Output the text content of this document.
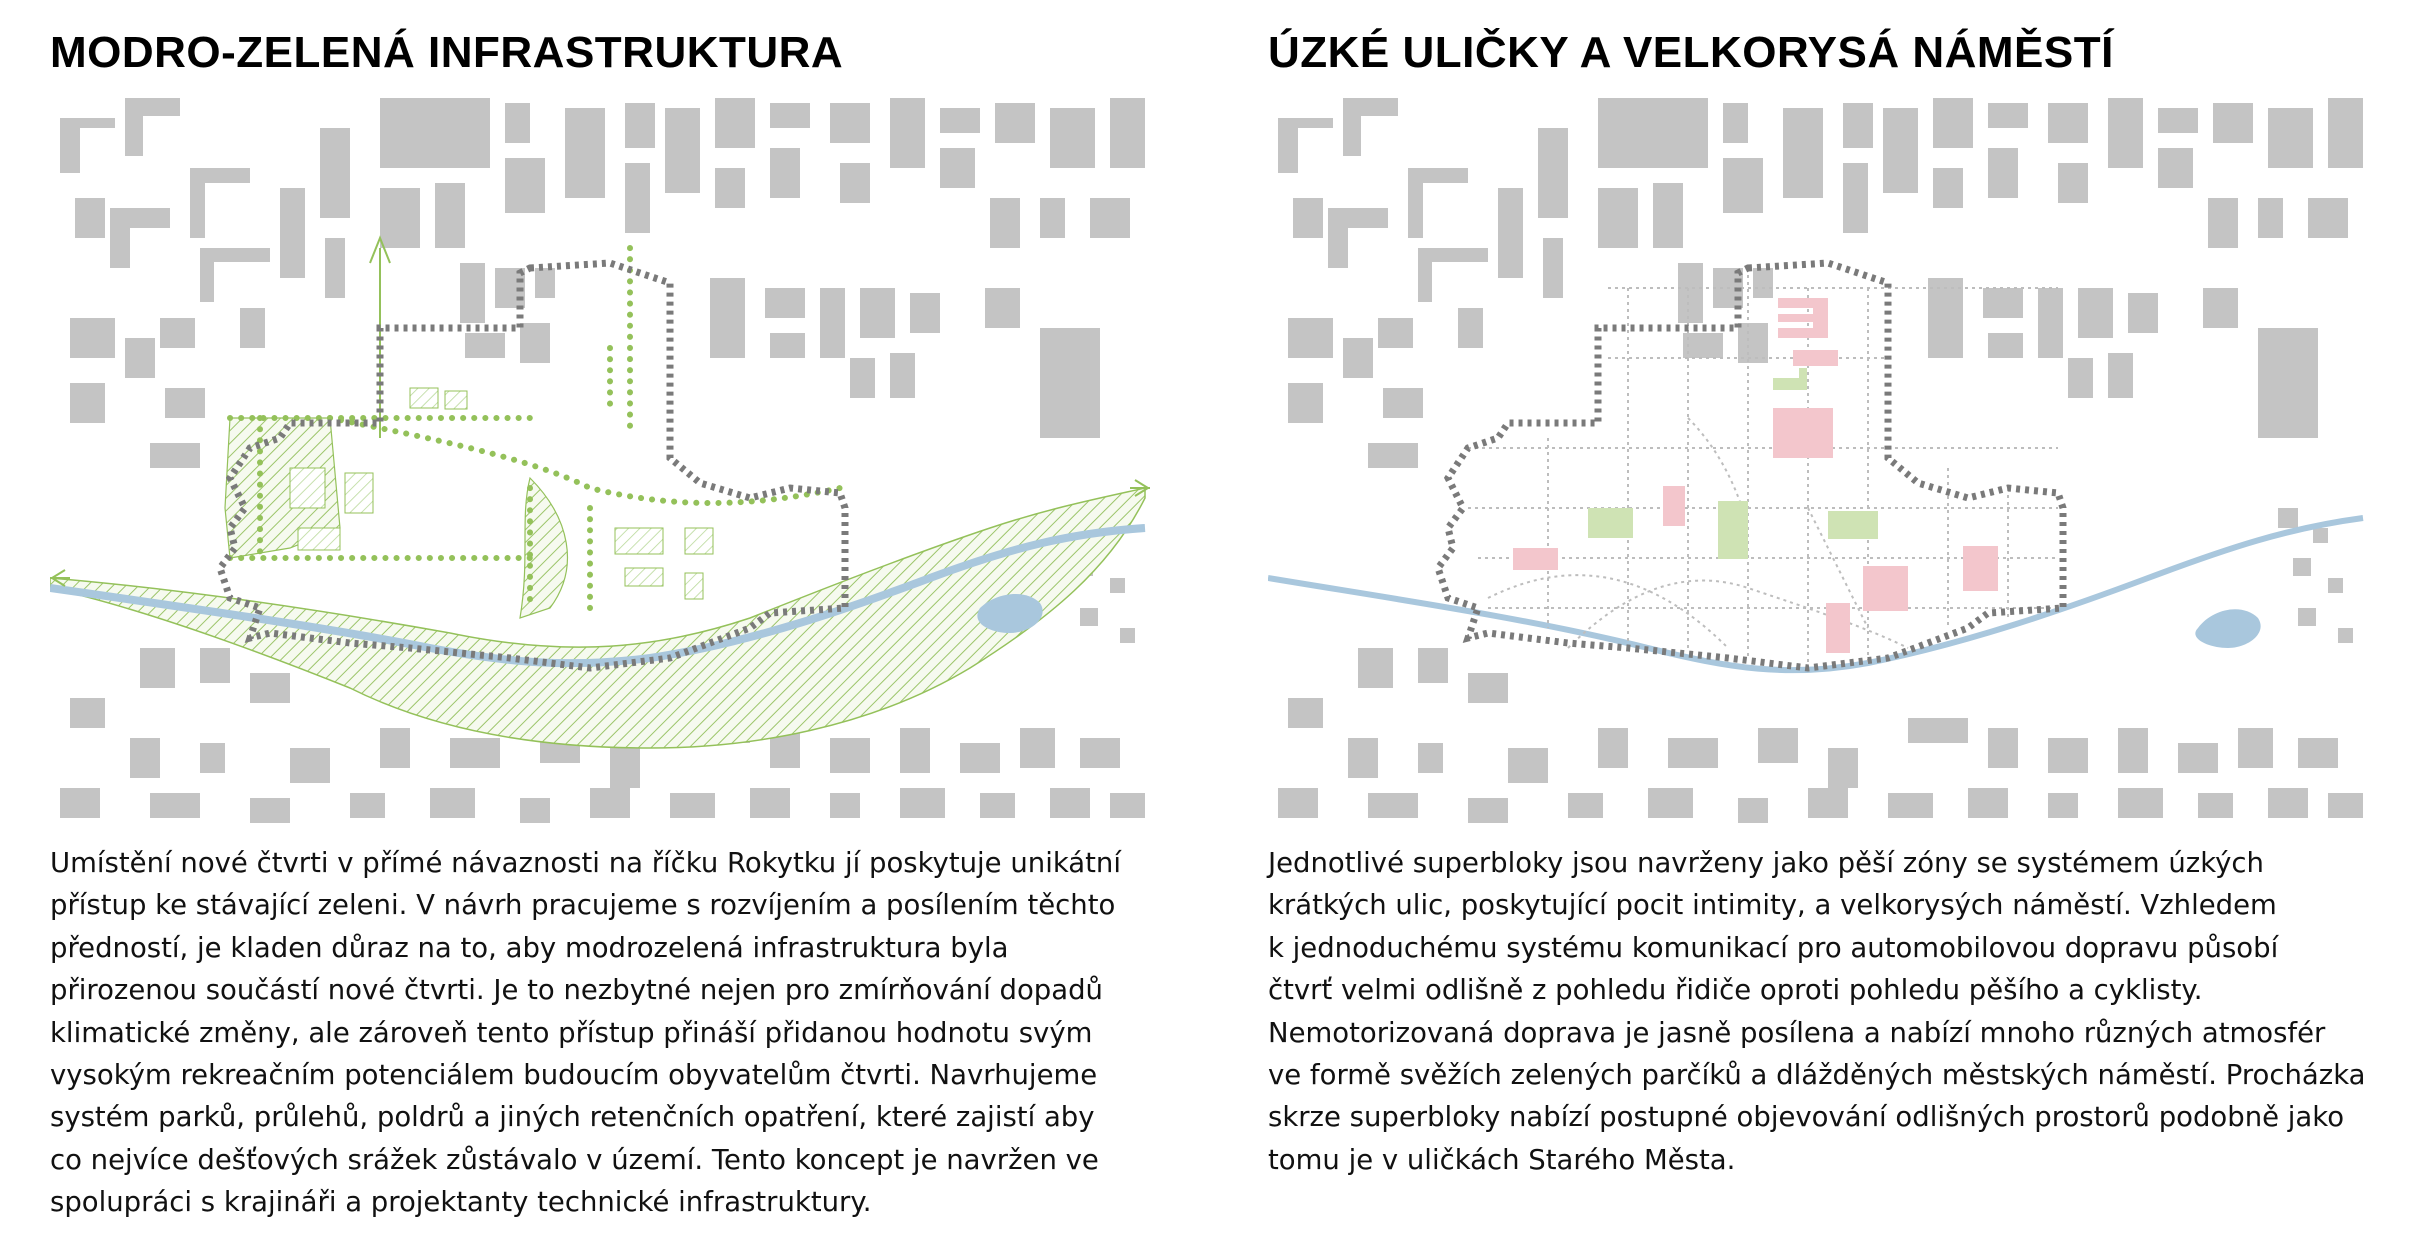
MODRO-ZELENÁ INFRASTRUKTURA
Umístění nové čtvrti v přímé návaznosti na říčku Rokytku jí poskytuje unikátní
přístup ke stávající zeleni. V návrh pracujeme s rozvíjením a posílením těchto
předností, je kladen důraz na to, aby modrozelená infrastruktura byla
přirozenou součástí nové čtvrti. Je to nezbytné nejen pro zmírňování dopadů
klimatické změny, ale zároveň tento přístup přináší přidanou hodnotu svým
vysokým rekreačním potenciálem budoucím obyvatelům čtvrti. Navrhujeme
systém parků, průlehů, poldrů a jiných retenčních opatření, které zajistí aby
co nejvíce dešťových srážek zůstávalo v území. Tento koncept je navržen ve
spolupráci s krajináři a projektanty technické infrastruktury.
ÚZKÉ ULIČKY A VELKORYSÁ NÁMĚSTÍ
Jednotlivé superbloky jsou navrženy jako pěší zóny se systémem úzkých
krátkých ulic, poskytující pocit intimity, a velkorysých náměstí. Vzhledem
k jednoduchému systému komunikací pro automobilovou dopravu působí
čtvrť velmi odlišně z pohledu řidiče oproti pohledu pěšího a cyklisty.
Nemotorizovaná doprava je jasně posílena a nabízí mnoho různých atmosfér
ve formě svěžích zelených parčíků a dlážděných městských náměstí. Procházka
skrze superbloky nabízí postupné objevování odlišných prostorů podobně jako
tomu je v uličkách Starého Města.
